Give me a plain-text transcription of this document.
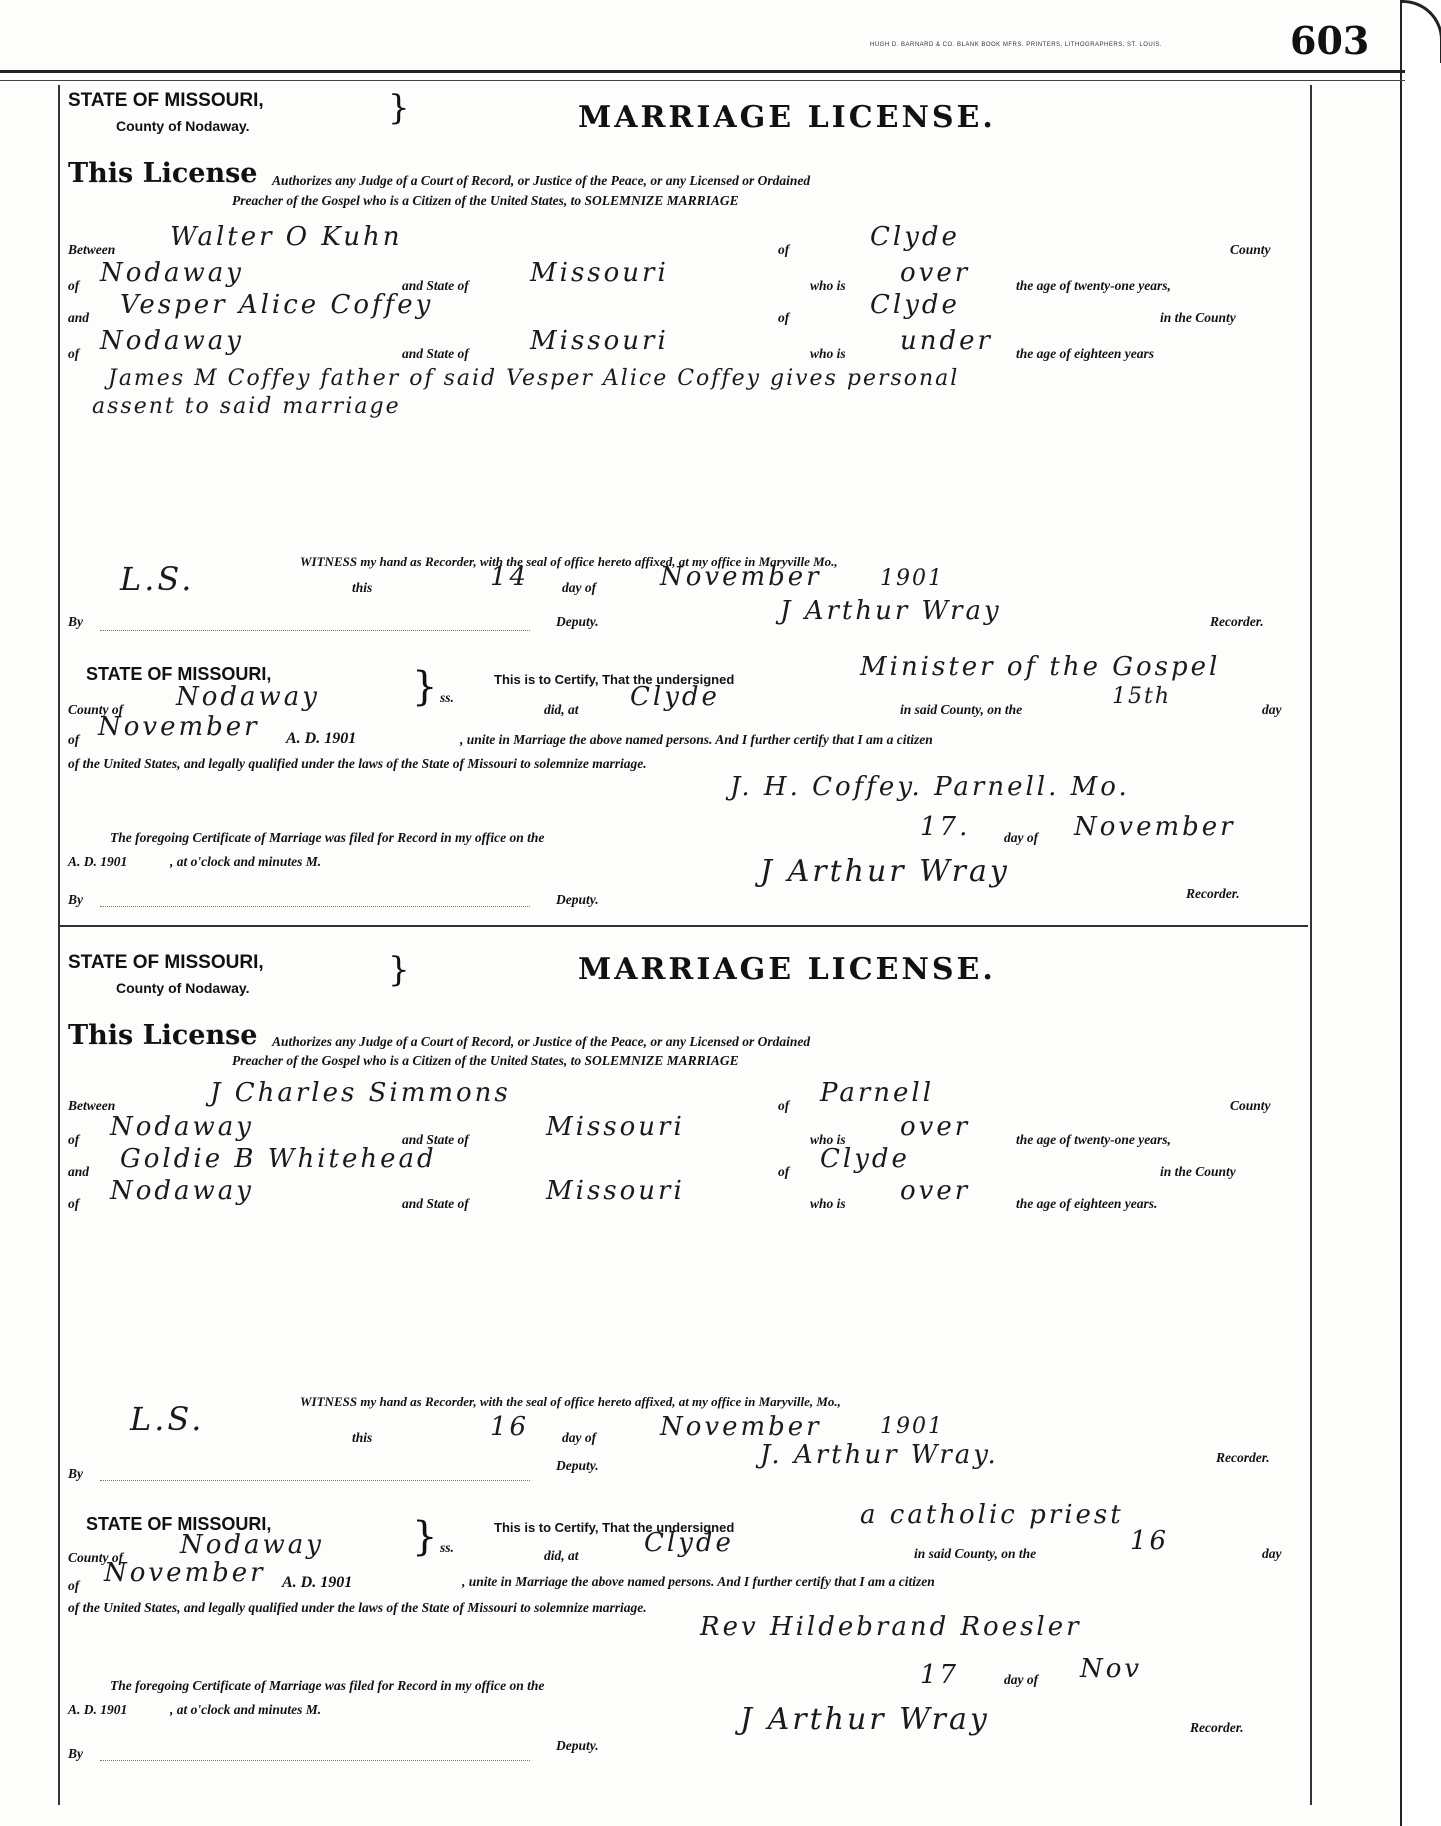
HUGH D. BARNARD & CO. BLANK BOOK MFRS. PRINTERS, LITHOGRAPHERS, ST. LOUIS.	603
STATE OF MISSOURI,	}
County of Nodaway.	MARRIAGE LICENSE.
This License Authorizes any Judge of a Court of Record, or Justice of the Peace, or any Licensed or Ordained
Preacher of the Gospel who is a Citizen of the United States, to SOLEMNIZE MARRIAGE
Between Walter O Kuhn	of	Clyde	County
of Nodaway	and State of Missouri	who is over	the age of twenty-one years,
and Vesper Alice Coffey	of	Clyde	in the County
of Nodaway	and State of Missouri	who is under the age of eighteen years
James M Coffey father of said Vesper Alice Coffey gives personal
assent to said marriage
L.S.	WITNESS my hand as Recorder, with the seal of office hereto affixed, at my office in Maryville Mo.,
this	14 day of November	1901
By	Deputy.	J Arthur Wray	Recorder.
STATE OF MISSOURI,	} ss.
This is to Certify, That the undersigned	Minister of the Gospel
County of Nodaway	did, at Clyde	in said County, on the
15th
day
of November A. D. 1901	, unite in Marriage the above named persons. And I further certify that I am a citizen
of the United States, and legally qualified under the laws of the State of Missouri to solemnize marriage.
J. H. Coffey. Parnell. Mo.
The foregoing Certificate of Marriage was filed for Record in my office on the	17. day of November
A. D. 1901	, at o'clock and minutes M.	J Arthur Wray
By	Deputy.	Recorder.
STATE OF MISSOURI,	}
County of Nodaway.
MARRIAGE LICENSE.
This License Authorizes any Judge of a Court of Record, or Justice of the Peace, or any Licensed or Ordained
Preacher of the Gospel who is a Citizen of the United States, to SOLEMNIZE MARRIAGE
Between	J Charles Simmons	of Parnell	County
of Nodaway	and State of	Missouri	who is over	the age of twenty-one years,
and Goldie B Whitehead	of Clyde	in the County
of Nodaway	and State of	Missouri	who is over	the age of eighteen years.
L.S.	WITNESS my hand as Recorder, with the seal of office hereto affixed, at my office in Maryville, Mo.,
this	16 day of November	1901
By
Deputy.	J. Arthur Wray.	Recorder.
STATE OF MISSOURI,	} ss.
This is to Certify, That the undersigned	a catholic priest
County of Nodaway	did, at	Clyde	in said County, on the	16	day
of November A. D. 1901	, unite in Marriage the above named persons. And I further certify that I am a citizen
of the United States, and legally qualified under the laws of the State of Missouri to solemnize marriage.
Rev Hildebrand Roesler
The foregoing Certificate of Marriage was filed for Record in my office on the	17	day of Nov
A. D. 1901	, at o'clock and minutes M.	J Arthur Wray
By
Deputy.
Recorder.
